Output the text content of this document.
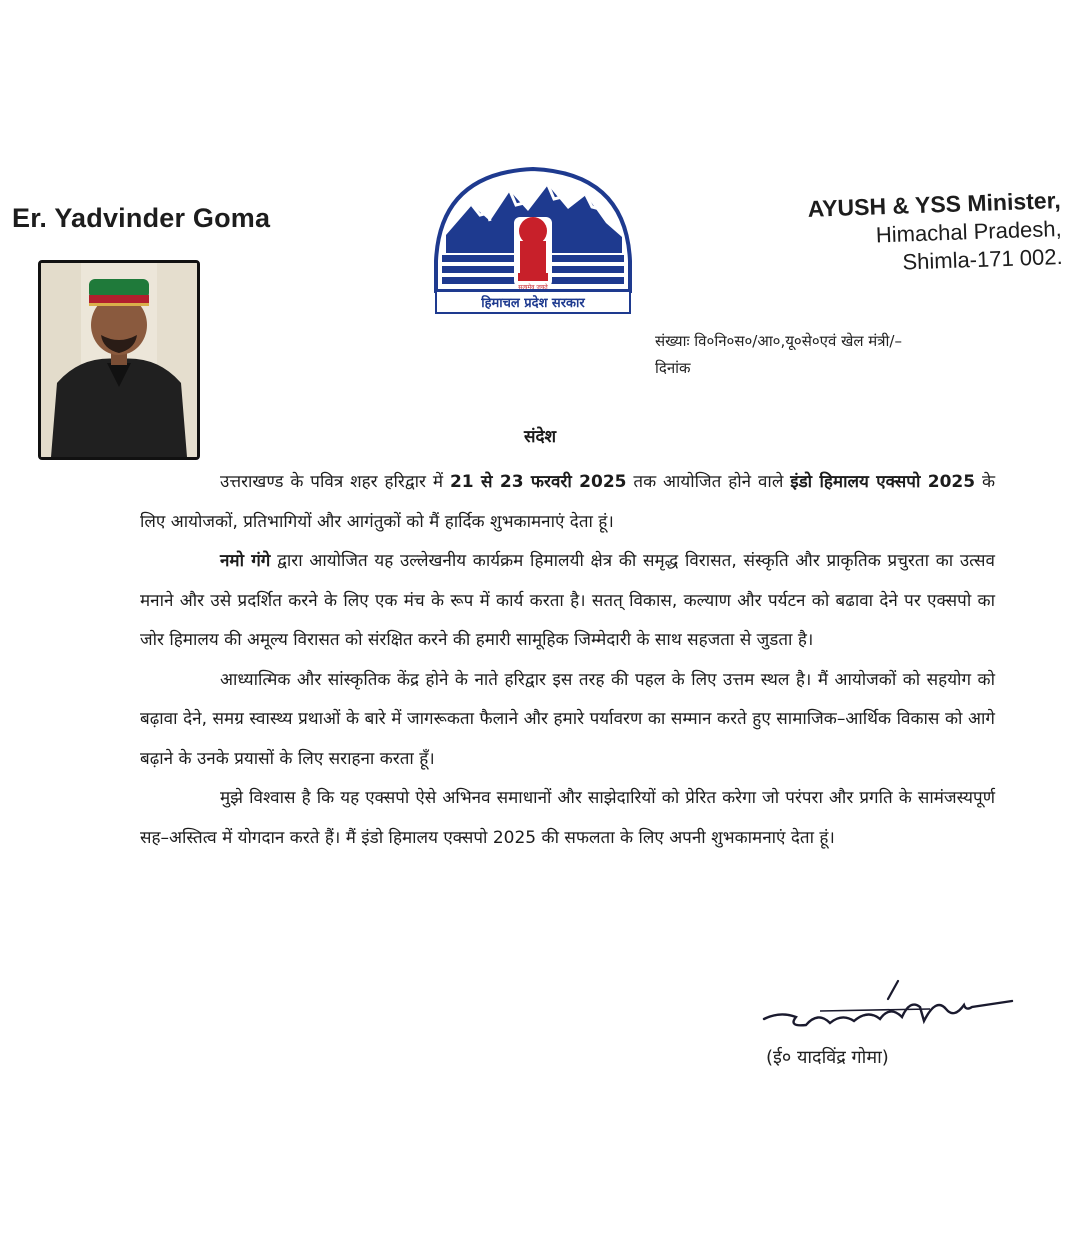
Er. Yadvinder Goma
सत्यमेव जयते
हिमाचल प्रदेश सरकार
AYUSH & YSS Minister,
Himachal Pradesh,
Shimla-171 002.
संख्याः वि०नि०स०/आ०,यू०से०एवं खेल मंत्री/–
दिनांक
संदेश

उत्तराखण्ड के पवित्र शहर हरिद्वार में 21 से 23 फरवरी 2025 तक आयोजित होने वाले इंडो हिमालय एक्सपो 2025 के लिए आयोजकों, प्रतिभागियों और आगंतुकों को मैं हार्दिक शुभकामनाएं देता हूं।

नमो गंगे द्वारा आयोजित यह उल्लेखनीय कार्यक्रम हिमालयी क्षेत्र की समृद्ध विरासत, संस्कृति और प्राकृतिक प्रचुरता का उत्सव मनाने और उसे प्रदर्शित करने के लिए एक मंच के रूप में कार्य करता है। सतत् विकास, कल्याण और पर्यटन को बढावा देने पर एक्सपो का जोर हिमालय की अमूल्य विरासत को संरक्षित करने की हमारी सामूहिक जिम्मेदारी के साथ सहजता से जुडता है।

आध्यात्मिक और सांस्कृतिक केंद्र होने के नाते हरिद्वार इस तरह की पहल के लिए उत्तम स्थल है। मैं आयोजकों को सहयोग को बढ़ावा देने, समग्र स्वास्थ्य प्रथाओं के बारे में जागरूकता फैलाने और हमारे पर्यावरण का सम्मान करते हुए सामाजिक–आर्थिक विकास को आगे बढ़ाने के उनके प्रयासों के लिए सराहना करता हूँ।

मुझे विश्वास है कि यह एक्सपो ऐसे अभिनव समाधानों और साझेदारियों को प्रेरित करेगा जो परंपरा और प्रगति के सामंजस्यपूर्ण सह–अस्तित्व में योगदान करते हैं। मैं इंडो हिमालय एक्सपो 2025 की सफलता के लिए अपनी शुभकामनाएं देता हूं।

(ई० यादविंद्र गोमा)
